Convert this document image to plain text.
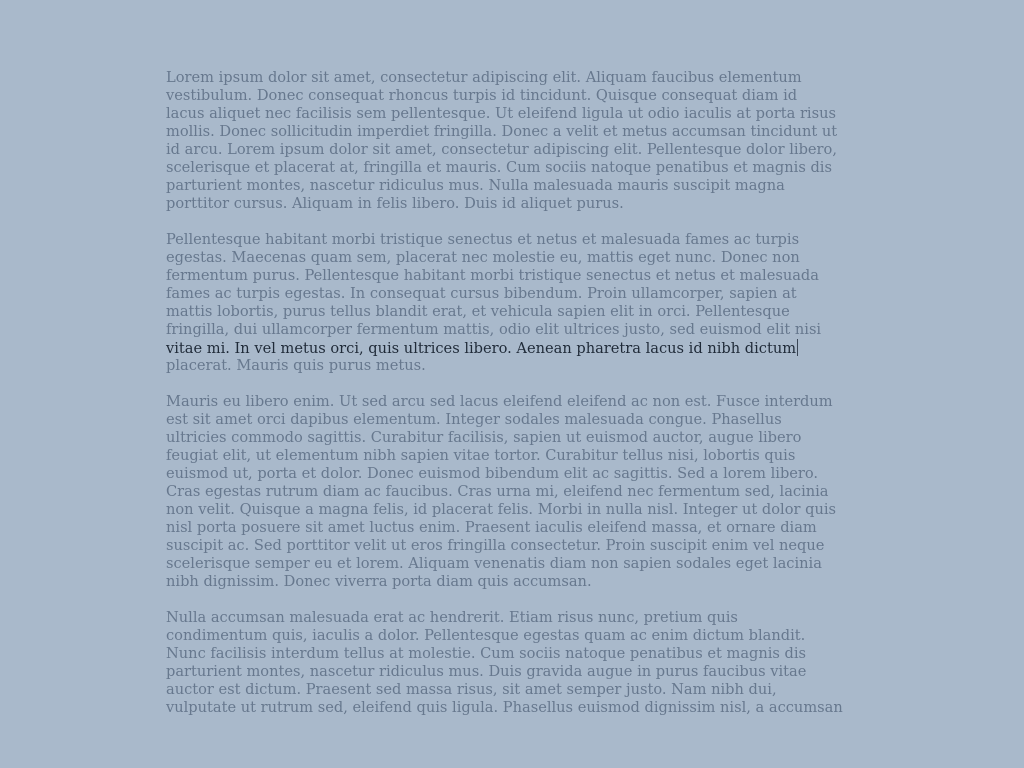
Lorem ipsum dolor sit amet, consectetur adipiscing elit. Aliquam faucibus elementum
vestibulum. Donec consequat rhoncus turpis id tincidunt. Quisque consequat diam id
lacus aliquet nec facilisis sem pellentesque. Ut eleifend ligula ut odio iaculis at porta risus
mollis. Donec sollicitudin imperdiet fringilla. Donec a velit et metus accumsan tincidunt ut
id arcu. Lorem ipsum dolor sit amet, consectetur adipiscing elit. Pellentesque dolor libero,
scelerisque et placerat at, fringilla et mauris. Cum sociis natoque penatibus et magnis dis
parturient montes, nascetur ridiculus mus. Nulla malesuada mauris suscipit magna
porttitor cursus. Aliquam in felis libero. Duis id aliquet purus.
Pellentesque habitant morbi tristique senectus et netus et malesuada fames ac turpis
egestas. Maecenas quam sem, placerat nec molestie eu, mattis eget nunc. Donec non
fermentum purus. Pellentesque habitant morbi tristique senectus et netus et malesuada
fames ac turpis egestas. In consequat cursus bibendum. Proin ullamcorper, sapien at
mattis lobortis, purus tellus blandit erat, et vehicula sapien elit in orci. Pellentesque
fringilla, dui ullamcorper fermentum mattis, odio elit ultrices justo, sed euismod elit nisi
vitae mi. In vel metus orci, quis ultrices libero. Aenean pharetra lacus id nibh dictum
placerat. Mauris quis purus metus.
Mauris eu libero enim. Ut sed arcu sed lacus eleifend eleifend ac non est. Fusce interdum
est sit amet orci dapibus elementum. Integer sodales malesuada congue. Phasellus
ultricies commodo sagittis. Curabitur facilisis, sapien ut euismod auctor, augue libero
feugiat elit, ut elementum nibh sapien vitae tortor. Curabitur tellus nisi, lobortis quis
euismod ut, porta et dolor. Donec euismod bibendum elit ac sagittis. Sed a lorem libero.
Cras egestas rutrum diam ac faucibus. Cras urna mi, eleifend nec fermentum sed, lacinia
non velit. Quisque a magna felis, id placerat felis. Morbi in nulla nisl. Integer ut dolor quis
nisl porta posuere sit amet luctus enim. Praesent iaculis eleifend massa, et ornare diam
suscipit ac. Sed porttitor velit ut eros fringilla consectetur. Proin suscipit enim vel neque
scelerisque semper eu et lorem. Aliquam venenatis diam non sapien sodales eget lacinia
nibh dignissim. Donec viverra porta diam quis accumsan.
Nulla accumsan malesuada erat ac hendrerit. Etiam risus nunc, pretium quis
condimentum quis, iaculis a dolor. Pellentesque egestas quam ac enim dictum blandit.
Nunc facilisis interdum tellus at molestie. Cum sociis natoque penatibus et magnis dis
parturient montes, nascetur ridiculus mus. Duis gravida augue in purus faucibus vitae
auctor est dictum. Praesent sed massa risus, sit amet semper justo. Nam nibh dui,
vulputate ut rutrum sed, eleifend quis ligula. Phasellus euismod dignissim nisl, a accumsan
